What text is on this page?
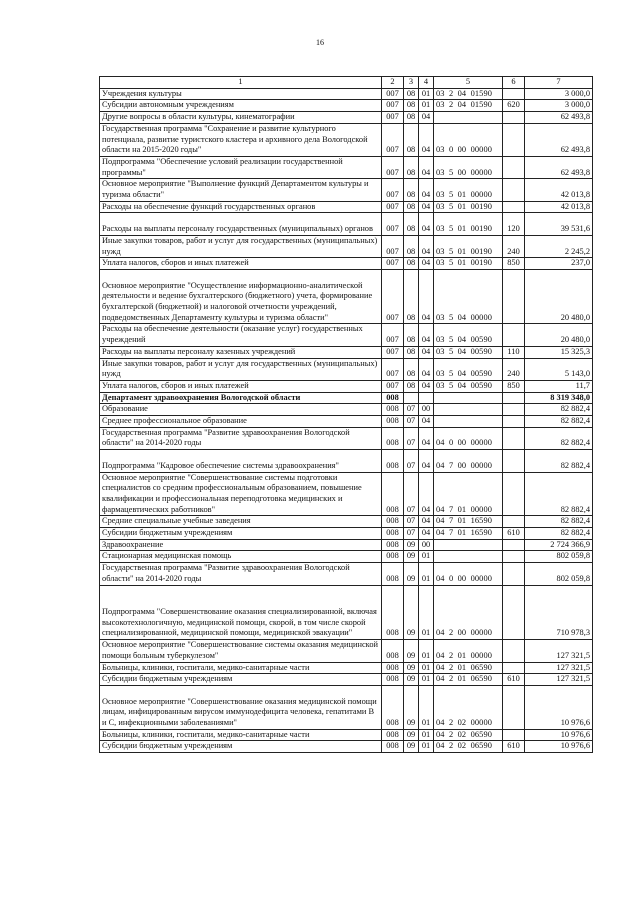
16
1	2	3	4	5	6	7
Учреждения культуры	007	08	01	03  2  04  01590		3 000,0
Субсидии автономным учреждениям	007	08	01	03  2  04  01590	620	3 000,0
Другие вопросы в области культуры, кинематографии	007	08	04			62 493,8
Государственная программа "Сохранение и развитие культурного потенциала, развитие туристского кластера и архивного дела Вологодской области на 2015-2020 годы"	007	08	04	03  0  00  00000		62 493,8
Подпрограмма "Обеспечение условий реализации государственной программы"	007	08	04	03  5  00  00000		62 493,8
Основное мероприятие "Выполнение функций Департаментом культуры и туризма области"	007	08	04	03  5  01  00000		42 013,8
Расходы на обеспечение функций государственных органов	007	08	04	03  5  01  00190		42 013,8
Расходы на выплаты персоналу государственных (муниципальных) органов	007	08	04	03  5  01  00190	120	39 531,6
Иные закупки товаров, работ и услуг для государственных (муниципальных) нужд	007	08	04	03  5  01  00190	240	2 245,2
Уплата налогов, сборов и иных платежей	007	08	04	03  5  01  00190	850	237,0
Основное мероприятие "Осуществление информационно-аналитической деятельности и ведение бухгалтерского (бюджетного) учета, формирование бухгалтерской (бюджетной) и налоговой отчетности учреждений, подведомственных Департаменту культуры и туризма области"	007	08	04	03  5  04  00000		20 480,0
Расходы на обеспечение деятельности (оказание услуг) государственных учреждений	007	08	04	03  5  04  00590		20 480,0
Расходы на выплаты персоналу казенных учреждений	007	08	04	03  5  04  00590	110	15 325,3
Иные закупки товаров, работ и услуг для государственных (муниципальных) нужд	007	08	04	03  5  04  00590	240	5 143,0
Уплата налогов, сборов и иных платежей	007	08	04	03  5  04  00590	850	11,7
Департамент здравоохранения Вологодской области	008					8 319 348,0
Образование	008	07	00			82 882,4
Среднее профессиональное образование	008	07	04			82 882,4
Государственная программа "Развитие здравоохранения Вологодской области" на 2014-2020 годы	008	07	04	04  0  00  00000		82 882,4
Подпрограмма "Кадровое обеспечение системы здравоохранения"	008	07	04	04  7  00  00000		82 882,4
Основное мероприятие "Совершенствование системы подготовки специалистов со средним профессиональным образованием, повышение квалификации и профессиональная переподготовка медицинских и фармацевтических работников"	008	07	04	04  7  01  00000		82 882,4
Средние специальные учебные заведения	008	07	04	04  7  01  16590		82 882,4
Субсидии бюджетным учреждениям	008	07	04	04  7  01  16590	610	82 882,4
Здравоохранение	008	09	00			2 724 366,9
Стационарная медицинская помощь	008	09	01			802 059,8
Государственная программа "Развитие здравоохранения Вологодской области" на 2014-2020 годы	008	09	01	04  0  00  00000		802 059,8
Подпрограмма "Совершенствование оказания специализированной, включая высокотехнологичную, медицинской помощи, скорой, в том числе скорой специализированной, медицинской помощи, медицинской эвакуации"	008	09	01	04  2  00  00000		710 978,3
Основное мероприятие "Совершенствование системы оказания медицинской помощи больным туберкулезом"	008	09	01	04  2  01  00000		127 321,5
Больницы, клиники, госпитали, медико-санитарные части	008	09	01	04  2  01  06590		127 321,5
Субсидии бюджетным учреждениям	008	09	01	04  2  01  06590	610	127 321,5
Основное мероприятие "Совершенствование оказания медицинской помощи лицам, инфицированным вирусом иммунодефицита человека, гепатитами В и С, инфекционными заболеваниями"	008	09	01	04  2  02  00000		10 976,6
Больницы, клиники, госпитали, медико-санитарные части	008	09	01	04  2  02  06590		10 976,6
Субсидии бюджетным учреждениям	008	09	01	04  2  02  06590	610	10 976,6
